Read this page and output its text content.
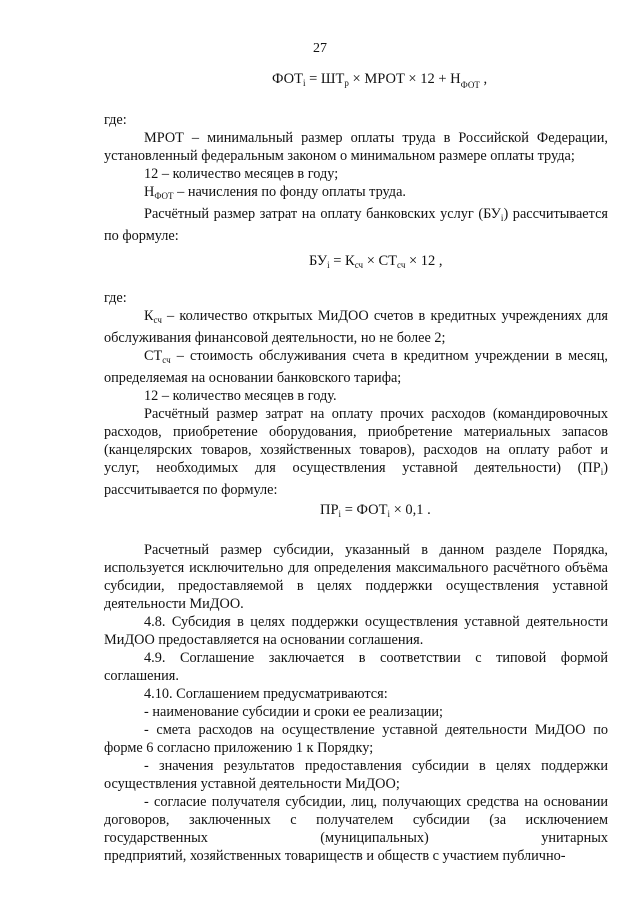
27
$ФОТ_i = ШТ_р$ × МРОТ × $12 + Н_{ФОТ}$ ,

где:

МРОТ – минимальный размер оплаты труда в Российской Федерации, установленный федеральным законом о минимальном размере оплаты труда;

12 – количество месяцев в году;

$Н_{ФОТ}$ – начисления по фонду оплаты труда.

Расчётный размер затрат на оплату банковских услуг $(БУ_i)$ рассчитывается по формуле:

$БУ_i = К_{сч} \times СТ_{сч} \times 12$ ,

где:

$К_{сч}$ – количество открытых МиДОО счетов в кредитных учреждениях для обслуживания финансовой деятельности, но не более 2;

$СТ_{сч}$ – стоимость обслуживания счета в кредитном учреждении в месяц, определяемая на основании банковского тарифа;

12 – количество месяцев в году.

Расчётный размер затрат на оплату прочих расходов (командировочных расходов, приобретение оборудования, приобретение материальных запасов (канцелярских товаров, хозяйственных товаров), расходов на оплату работ и услуг, необходимых для осуществления уставной деятельности) $(ПР_i)$ рассчитывается по формуле:

$ПР_i = ФОТ_i \times 0,1$ .

Расчетный размер субсидии, указанный в данном разделе Порядка, используется исключительно для определения максимального расчётного объёма субсидии, предоставляемой в целях поддержки осуществления уставной деятельности МиДОО.

4.8. Субсидия в целях поддержки осуществления уставной деятельности МиДОО предоставляется на основании соглашения.

4.9. Соглашение заключается в соответствии с типовой формой соглашения.

4.10. Соглашением предусматриваются:

- наименование субсидии и сроки ее реализации;

- смета расходов на осуществление уставной деятельности МиДОО по форме 6 согласно приложению 1 к Порядку;

- значения результатов предоставления субсидии в целях поддержки осуществления уставной деятельности МиДОО;

- согласие получателя субсидии, лиц, получающих средства на основании договоров, заключенных с получателем субсидии (за исключением государственных (муниципальных) унитарных

предприятий, хозяйственных товариществ и обществ с участием публично-
